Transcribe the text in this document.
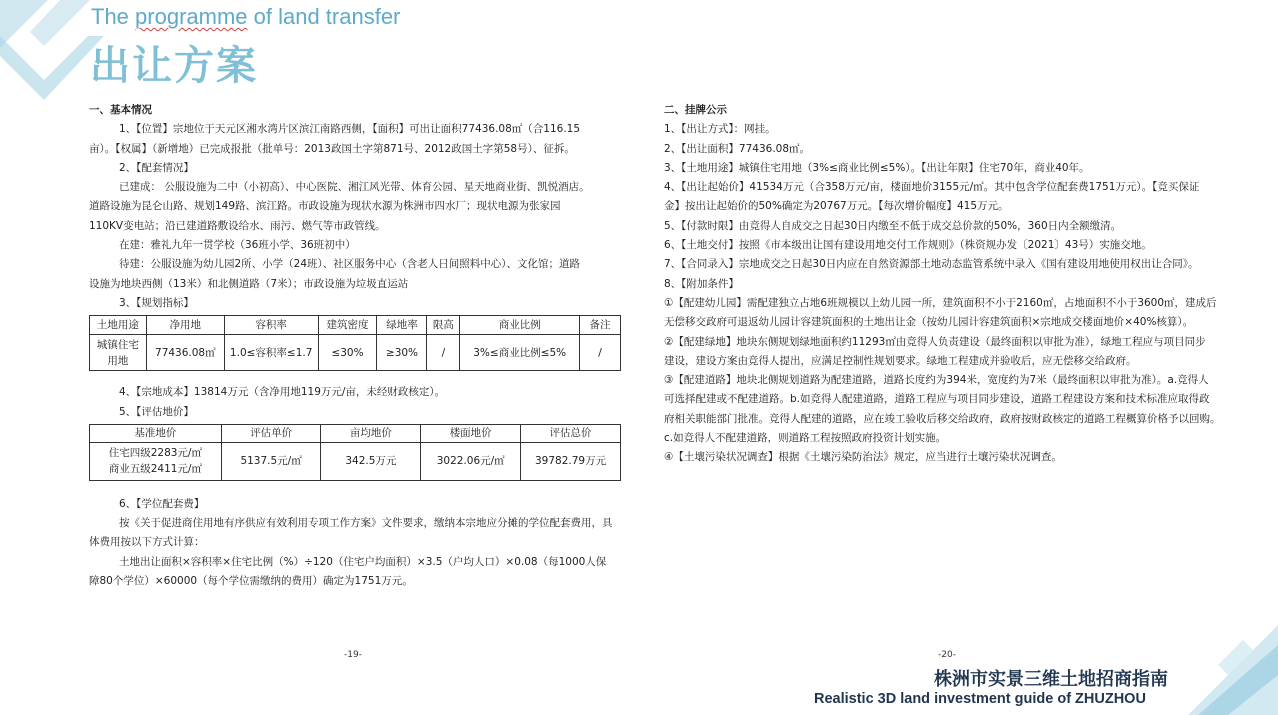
The programme of land transfer
出让方案
一、基本情况
1、【位置】宗地位于天元区湘水湾片区滨江南路西侧，【面积】可出让面积77436.08㎡（合116.15
亩）。【权属】（新增地）已完成报批（批单号：2013政国土字第871号、2012政国土字第58号）、征拆。
2、【配套情况】
已建成： 公服设施为二中（小初高）、中心医院、湘江风光带、体育公园、星天地商业街、凯悦酒店。
道路设施为昆仑山路、规划149路、滨江路。市政设施为现状水源为株洲市四水厂；现状电源为张家园
110KV变电站；沿已建道路敷设给水、雨污、燃气等市政管线。
在建：雅礼九年一贯学校（36班小学、36班初中）
待建：公服设施为幼儿园2所、小学（24班）、社区服务中心（含老人日间照料中心）、文化馆；道路
设施为地块西侧（13米）和北侧道路（7米）；市政设施为垃圾直运站
3、【规划指标】
土地用途	净用地	容积率	建筑密度	绿地率	限高	商业比例	备注
城镇住宅用地	77436.08㎡	1.0≤容积率≤1.7	≤30%	≥30%	/	3%≤商业比例≤5%	/
4、【宗地成本】13814万元（含净用地119万元/亩，未经财政核定）。
5、【评估地价】
基准地价	评估单价	亩均地价	楼面地价	评估总价

住宅四级2283元/㎡
商业五级2411元/㎡	5137.5元/㎡	342.5万元	3022.06元/㎡	39782.79万元
6、【学位配套费】
按《关于促进商住用地有序供应有效利用专项工作方案》文件要求，缴纳本宗地应分摊的学位配套费用，具
体费用按以下方式计算：
土地出让面积×容积率×住宅比例（%）÷120（住宅户均面积）×3.5（户均人口）×0.08（每1000人保
障80个学位）×60000（每个学位需缴纳的费用）确定为1751万元。
二、挂牌公示
1、【出让方式】：网挂。
2、【出让面积】77436.08㎡。
3、【土地用途】城镇住宅用地（3%≤商业比例≤5%）。【出让年限】住宅70年，商业40年。
4、【出让起始价】41534万元（合358万元/亩，楼面地价3155元/㎡。其中包含学位配套费1751万元）。【竞买保证
金】按出让起始价的50%确定为20767万元。【每次增价幅度】415万元。
5、【付款时限】由竞得人自成交之日起30日内缴至不低于成交总价款的50%，360日内全额缴清。
6、【土地交付】按照《市本级出让国有建设用地交付工作规则》（株资规办发〔2021〕43号）实施交地。
7、【合同录入】宗地成交之日起30日内应在自然资源部土地动态监管系统中录入《国有建设用地使用权出让合同》。
8、【附加条件】
①【配建幼儿园】需配建独立占地6班规模以上幼儿园一所，建筑面积不小于2160㎡，占地面积不小于3600㎡，建成后
无偿移交政府可退返幼儿园计容建筑面积的土地出让金（按幼儿园计容建筑面积×宗地成交楼面地价×40%核算）。
②【配建绿地】地块东侧规划绿地面积约11293㎡由竞得人负责建设（最终面积以审批为准），绿地工程应与项目同步
建设，建设方案由竞得人提出，应满足控制性规划要求。绿地工程建成并验收后，应无偿移交给政府。
③【配建道路】地块北侧规划道路为配建道路，道路长度约为394米，宽度约为7米（最终面积以审批为准）。a.竞得人
可选择配建或不配建道路。b.如竞得人配建道路，道路工程应与项目同步建设，道路工程建设方案和技术标准应取得政
府相关职能部门批准。竞得人配建的道路，应在竣工验收后移交给政府，政府按财政核定的道路工程概算价格予以回购。
c.如竞得人不配建道路，则道路工程按照政府投资计划实施。
④【土壤污染状况调查】根据《土壤污染防治法》规定，应当进行土壤污染状况调查。
-19-	-20-
株洲市实景三维土地招商指南
Realistic 3D land investment guide of ZHUZHOU
